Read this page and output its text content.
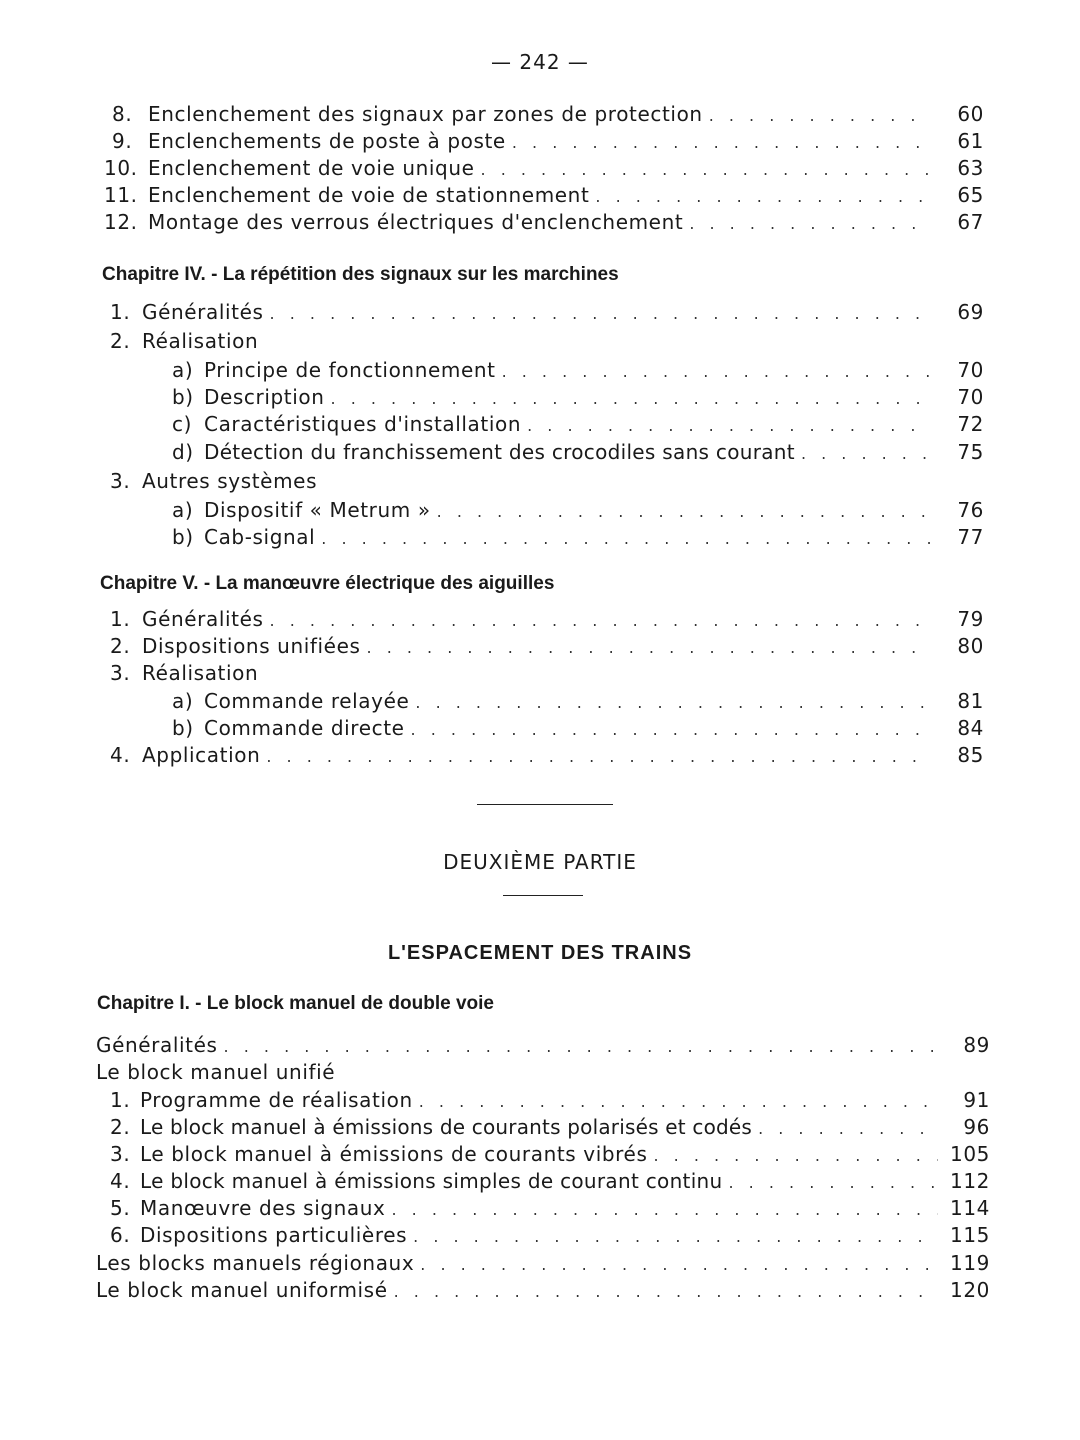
— 242 —
8. Enclenchement des signaux par zones de protection . . .	60
9. Enclenchements de poste à poste . . .	61
10. Enclenchement de voie unique . . .	63
11. Enclenchement de voie de stationnement . . .	65
12. Montage des verrous électriques d'enclenchement . . .	67
Chapitre IV. - La répétition des signaux sur les marchines
1. Généralités . . .	69
2. Réalisation
a) Principe de fonctionnement . . .	70
b) Description . . .	70
c) Caractéristiques d'installation . . .	72
d) Détection du franchissement des crocodiles sans courant . . .	75
3. Autres systèmes
a) Dispositif « Metrum » . . .	76
b) Cab-signal . . .	77
Chapitre V. - La manœuvre électrique des aiguilles
1. Généralités . . .	79
2. Dispositions unifiées . . .	80
3. Réalisation
a) Commande relayée . . .	81
b) Commande directe . . .	84
4. Application . . .	85
DEUXIÈME PARTIE
L'ESPACEMENT DES TRAINS
Chapitre I. - Le block manuel de double voie
Généralités . . .	89
Le block manuel unifié
1. Programme de réalisation . . .	91
2. Le block manuel à émissions de courants polarisés et codés . . .	96
3. Le block manuel à émissions de courants vibrés . . .	105
4. Le block manuel à émissions simples de courant continu . . .	112
5. Manœuvre des signaux . . .	114
6. Dispositions particulières . . .	115
Les blocks manuels régionaux . . .	119
Le block manuel uniformisé . . .	120
